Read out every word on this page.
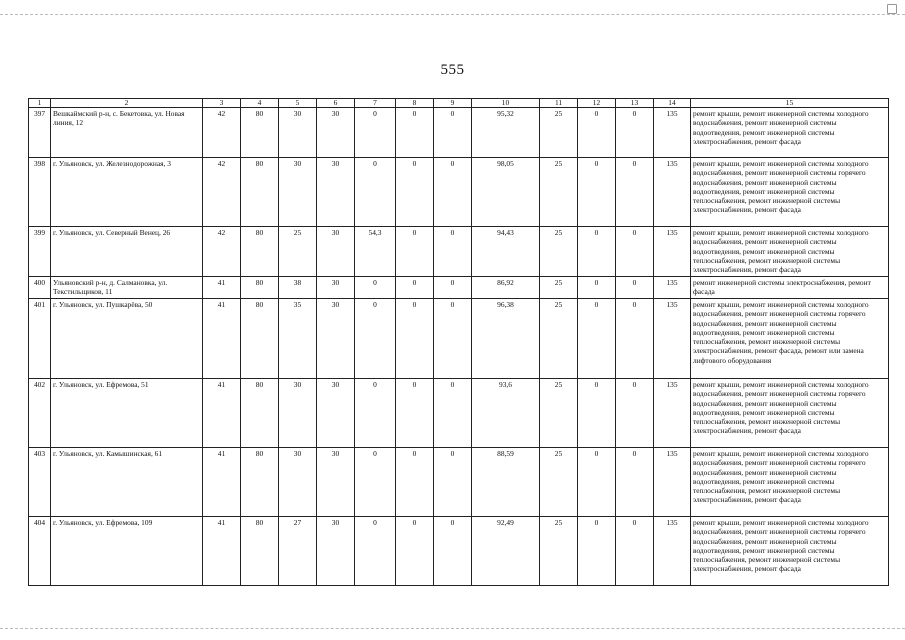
555
1	2	3	4	5	6	7	8	9	10	11	12	13	14	15
397	Вешкаймский р-н, с. Бекетовка, ул. Новая линия, 12	42	80	30	30	0	0	0	95,32	25	0	0	135	ремонт крыши, ремонт инженерной системы холодного водоснабжения, ремонт инженерной системы водоотведения, ремонт инженерной системы электроснабжения, ремонт фасада
398	г. Ульяновск, ул. Железнодорожная, 3	42	80	30	30	0	0	0	98,05	25	0	0	135	ремонт крыши, ремонт инженерной системы холодного водоснабжения, ремонт инженерной системы горячего водоснабжения, ремонт инженерной системы водоотведения, ремонт инженерной системы теплоснабжения, ремонт инженерной системы электроснабжения, ремонт фасада
399	г. Ульяновск, ул. Северный Венец, 26	42	80	25	30	54,3	0	0	94,43	25	0	0	135	ремонт крыши, ремонт инженерной системы холодного водоснабжения, ремонт инженерной системы водоотведения, ремонт инженерной системы теплоснабжения, ремонт инженерной системы электроснабжения, ремонт фасада
400	Ульяновский р-н, д. Салмановка, ул. Текстильщиков, 11	41	80	38	30	0	0	0	86,92	25	0	0	135	ремонт инженерной системы электроснабжения, ремонт фасада
401	г. Ульяновск, ул. Пушкарёва, 50	41	80	35	30	0	0	0	96,38	25	0	0	135	ремонт крыши, ремонт инженерной системы холодного водоснабжения, ремонт инженерной системы горячего водоснабжения, ремонт инженерной системы водоотведения, ремонт инженерной системы теплоснабжения, ремонт инженерной системы электроснабжения, ремонт фасада, ремонт или замена лифтового оборудования
402	г. Ульяновск, ул. Ефремова, 51	41	80	30	30	0	0	0	93,6	25	0	0	135	ремонт крыши, ремонт инженерной системы холодного водоснабжения, ремонт инженерной системы горячего водоснабжения, ремонт инженерной системы водоотведения, ремонт инженерной системы теплоснабжения, ремонт инженерной системы электроснабжения, ремонт фасада
403	г. Ульяновск, ул. Камышинская, 61	41	80	30	30	0	0	0	88,59	25	0	0	135	ремонт крыши, ремонт инженерной системы холодного водоснабжения, ремонт инженерной системы горячего водоснабжения, ремонт инженерной системы водоотведения, ремонт инженерной системы теплоснабжения, ремонт инженерной системы электроснабжения, ремонт фасада
404	г. Ульяновск, ул. Ефремова, 109	41	80	27	30	0	0	0	92,49	25	0	0	135	ремонт крыши, ремонт инженерной системы холодного водоснабжения, ремонт инженерной системы горячего водоснабжения, ремонт инженерной системы водоотведения, ремонт инженерной системы теплоснабжения, ремонт инженерной системы электроснабжения, ремонт фасада
